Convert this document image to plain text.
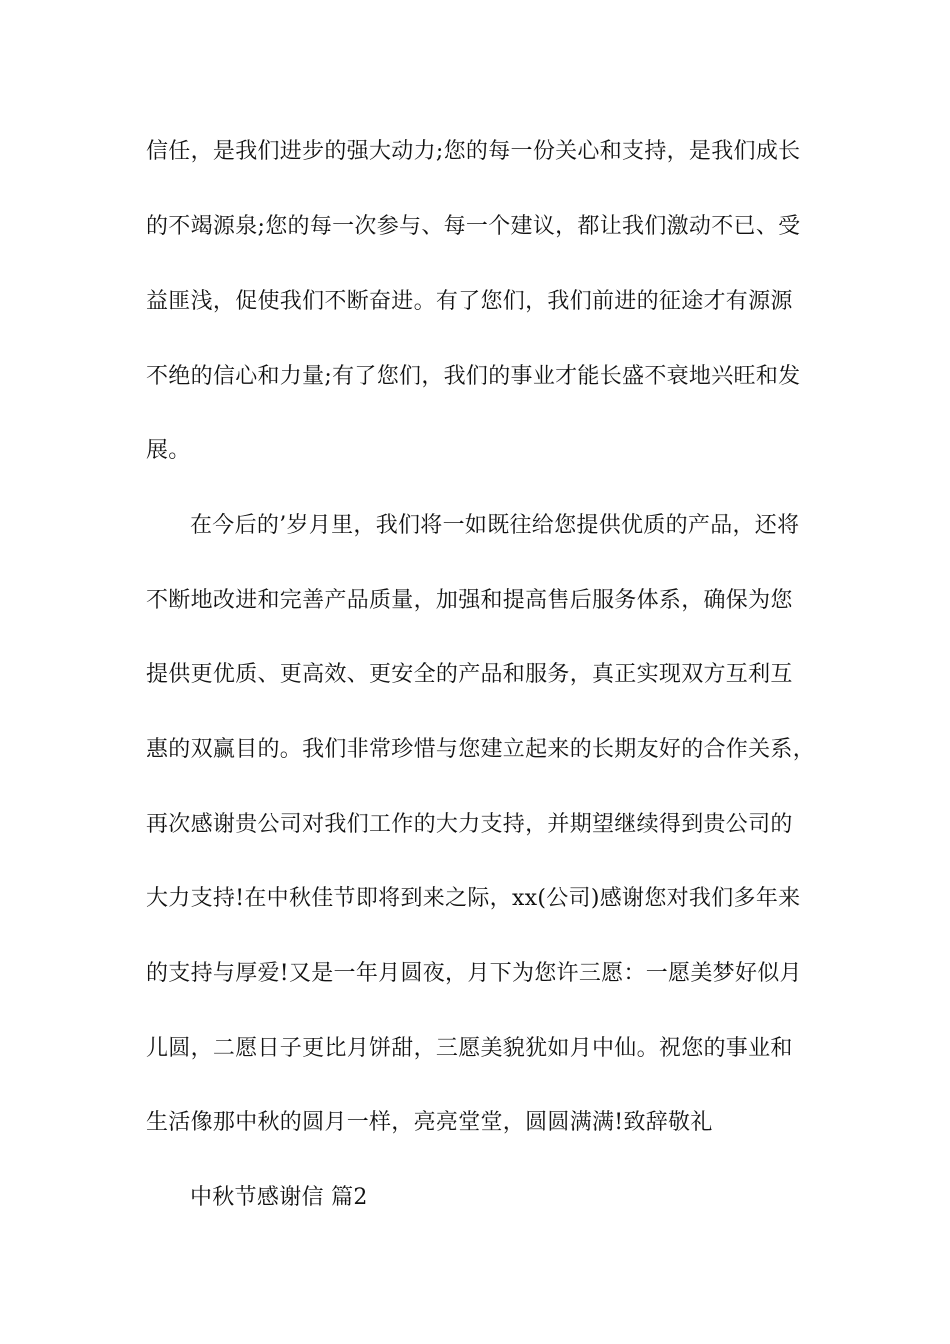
信任，是我们进步的强大动力;您的每一份关心和支持，是我们成长
的不竭源泉;您的每一次参与、每一个建议，都让我们激动不已、受
益匪浅，促使我们不断奋进。有了您们，我们前进的征途才有源源
不绝的信心和力量;有了您们，我们的事业才能长盛不衰地兴旺和发
展。
在今后的’岁月里，我们将一如既往给您提供优质的产品，还将
不断地改进和完善产品质量，加强和提高售后服务体系，确保为您
提供更优质、更高效、更安全的产品和服务，真正实现双方互利互
惠的双赢目的。我们非常珍惜与您建立起来的长期友好的合作关系，
再次感谢贵公司对我们工作的大力支持，并期望继续得到贵公司的
大力支持!在中秋佳节即将到来之际，xx(公司)感谢您对我们多年来
的支持与厚爱!又是一年月圆夜，月下为您许三愿：一愿美梦好似月
儿圆，二愿日子更比月饼甜，三愿美貌犹如月中仙。祝您的事业和
生活像那中秋的圆月一样，亮亮堂堂，圆圆满满!致辞敬礼
中秋节感谢信 篇2
